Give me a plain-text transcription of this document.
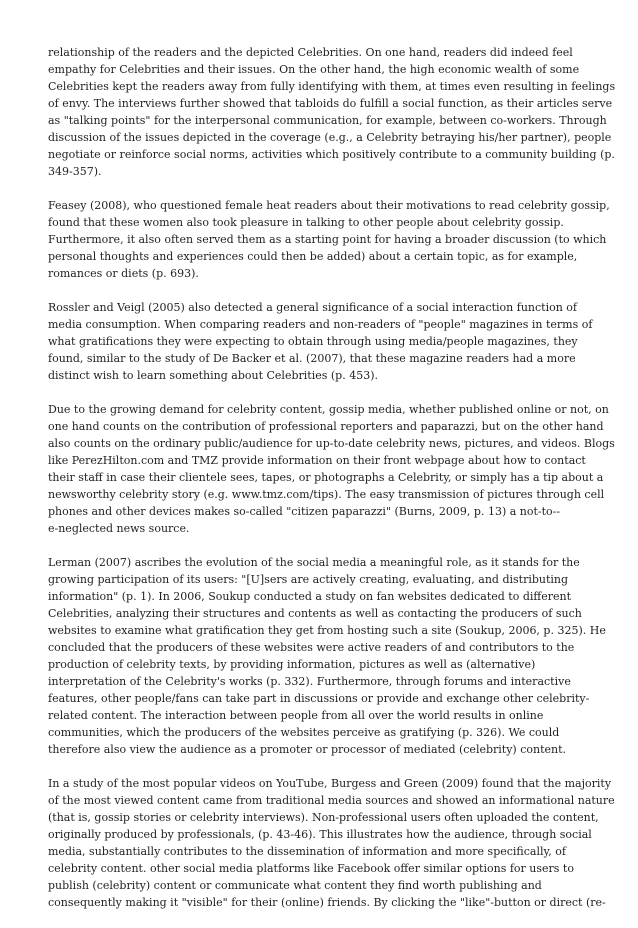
relationship of the readers and the depicted Celebrities. On one hand, readers did indeed feel
empathy for Celebrities and their issues. On the other hand, the high economic wealth of some
Celebrities kept the readers away from fully identifying with them, at times even resulting in feelings
of envy. The interviews further showed that tabloids do fulfill a social function, as their articles serve
as "talking points" for the interpersonal communication, for example, between co-workers. Through
discussion of the issues depicted in the coverage (e.g., a Celebrity betraying his/her partner), people
negotiate or reinforce social norms, activities which positively contribute to a community building (p.
349-357).

Feasey (2008), who questioned female heat readers about their motivations to read celebrity gossip,
found that these women also took pleasure in talking to other people about celebrity gossip.
Furthermore, it also often served them as a starting point for having a broader discussion (to which
personal thoughts and experiences could then be added) about a certain topic, as for example,
romances or diets (p. 693).

Rossler and Veigl (2005) also detected a general significance of a social interaction function of
media consumption. When comparing readers and non-readers of "people" magazines in terms of
what gratifications they were expecting to obtain through using media/people magazines, they
found, similar to the study of De Backer et al. (2007), that these magazine readers had a more
distinct wish to learn something about Celebrities (p. 453).

Due to the growing demand for celebrity content, gossip media, whether published online or not, on
one hand counts on the contribution of professional reporters and paparazzi, but on the other hand
also counts on the ordinary public/audience for up-to-date celebrity news, pictures, and videos. Blogs
like PerezHilton.com and TMZ provide information on their front webpage about how to contact
their staff in case their clientele sees, tapes, or photographs a Celebrity, or simply has a tip about a
newsworthy celebrity story (e.g. www.tmz.com/tips). The easy transmission of pictures through cell
phones and other devices makes so-called "citizen paparazzi" (Burns, 2009, p. 13) a not-to--
e-neglected news source.

Lerman (2007) ascribes the evolution of the social media a meaningful role, as it stands for the
growing participation of its users: "[U]sers are actively creating, evaluating, and distributing
information" (p. 1). In 2006, Soukup conducted a study on fan websites dedicated to different
Celebrities, analyzing their structures and contents as well as contacting the producers of such
websites to examine what gratification they get from hosting such a site (Soukup, 2006, p. 325). He
concluded that the producers of these websites were active readers of and contributors to the
production of celebrity texts, by providing information, pictures as well as (alternative)
interpretation of the Celebrity's works (p. 332). Furthermore, through forums and interactive
features, other people/fans can take part in discussions or provide and exchange other celebrity-
related content. The interaction between people from all over the world results in online
communities, which the producers of the websites perceive as gratifying (p. 326). We could
therefore also view the audience as a promoter or processor of mediated (celebrity) content.

In a study of the most popular videos on YouTube, Burgess and Green (2009) found that the majority
of the most viewed content came from traditional media sources and showed an informational nature
(that is, gossip stories or celebrity interviews). Non-professional users often uploaded the content,
originally produced by professionals, (p. 43-46). This illustrates how the audience, through social
media, substantially contributes to the dissemination of information and more specifically, of
celebrity content. other social media platforms like Facebook offer similar options for users to
publish (celebrity) content or communicate what content they find worth publishing and
consequently making it "visible" for their (online) friends. By clicking the "like"-button or direct (re-
